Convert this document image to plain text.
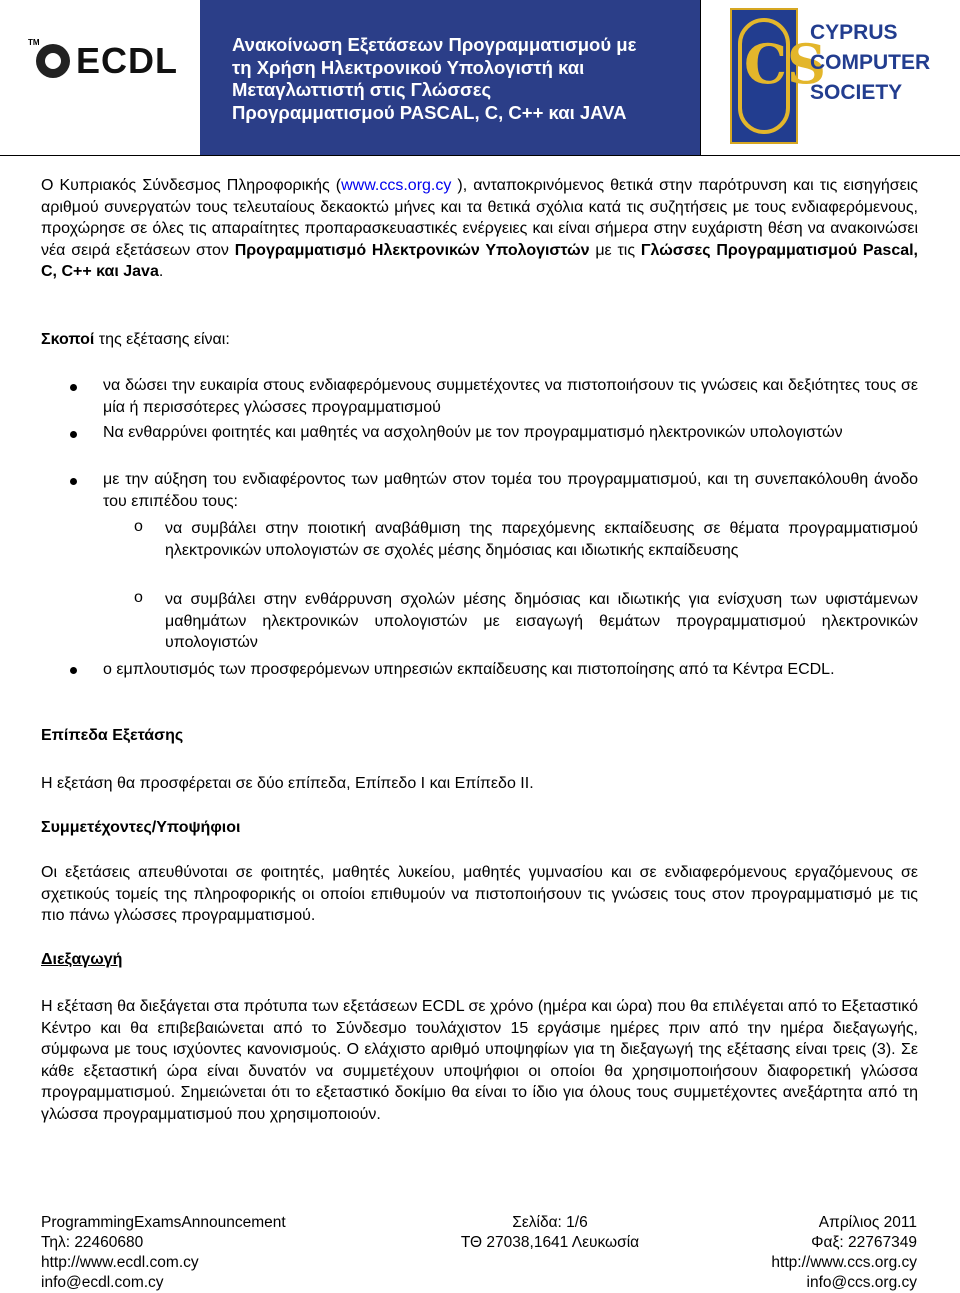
TM ECDL	Ανακοίνωση Εξετάσεων Προγραμματισμού με
τη Χρήση Ηλεκτρονικού Υπολογιστή και
Μεταγλωττιστή στις Γλώσσες
Προγραμματισμού PASCAL, C, C++ και JAVA
CS
CYPRUS
COMPUTER
SOCIETY
Ο Κυπριακός Σύνδεσμος Πληροφορικής (www.ccs.org.cy ), ανταποκρινόμενος θετικά στην παρότρυνση και τις εισηγήσεις αριθμού συνεργατών τους τελευταίους δεκαοκτώ μήνες και τα θετικά σχόλια κατά τις συζητήσεις με τους ενδιαφερόμενους, προχώρησε σε όλες τις απαραίτητες προπαρασκευαστικές ενέργειες και είναι σήμερα στην ευχάριστη θέση να ανακοινώσει νέα σειρά εξετάσεων στον Προγραμματισμό Ηλεκτρονικών Υπολογιστών με τις Γλώσσες Προγραμματισμού Pascal, C, C++ και Java.
Σκοποί της εξέτασης είναι:
να δώσει την ευκαιρία στους ενδιαφερόμενους συμμετέχοντες να πιστοποιήσουν τις γνώσεις και δεξιότητες τους σε μία ή περισσότερες γλώσσες προγραμματισμού
Να ενθαρρύνει φοιτητές και μαθητές να ασχοληθούν με τον προγραμματισμό ηλεκτρονικών υπολογιστών
με την αύξηση του ενδιαφέροντος των μαθητών στον τομέα του προγραμματισμού, και τη συνεπακόλουθη άνοδο του επιπέδου τους:
o να συμβάλει στην ποιοτική αναβάθμιση της παρεχόμενης εκπαίδευσης σε θέματα προγραμματισμού ηλεκτρονικών υπολογιστών σε σχολές μέσης δημόσιας και ιδιωτικής εκπαίδευσης
o να συμβάλει στην ενθάρρυνση σχολών μέσης δημόσιας και ιδιωτικής για ενίσχυση των υφιστάμενων μαθημάτων ηλεκτρονικών υπολογιστών με εισαγωγή θεμάτων προγραμματισμού ηλεκτρονικών υπολογιστών
ο εμπλουτισμός των προσφερόμενων υπηρεσιών εκπαίδευσης και πιστοποίησης από τα Κέντρα ECDL.
Επίπεδα Εξετάσης
Η εξετάση θα προσφέρεται σε δύο επίπεδα, Επίπεδο Ι και Επίπεδο ΙΙ.
Συμμετέχοντες/Υποψήφιοι
Οι εξετάσεις απευθύνοται σε φοιτητές, μαθητές λυκείου, μαθητές γυμνασίου και σε ενδιαφερόμενους εργαζόμενους σε σχετικούς τομείς της πληροφορικής οι οποίοι επιθυμούν να πιστοποιήσουν τις γνώσεις τους στον προγραμματισμό με τις πιο πάνω γλώσσες προγραμματισμού.
Διεξαγωγή
Η εξέταση θα διεξάγεται στα πρότυπα των εξετάσεων ECDL σε χρόνο (ημέρα και ώρα) που θα επιλέγεται από το Εξεταστικό Κέντρο και θα επιβεβαιώνεται από το Σύνδεσμο τουλάχιστον 15 εργάσιμε ημέρες πριν από την ημέρα διεξαγωγής, σύμφωνα με τους ισχύοντες κανονισμούς. Ο ελάχιστο αριθμό υποψηφίων για τη διεξαγωγή της εξέτασης είναι τρεις (3). Σε κάθε εξεταστική ώρα είναι δυνατόν να συμμετέχουν υποψήφιοι οι οποίοι θα χρησιμοποιήσουν διαφορετική γλώσσα προγραμματισμού. Σημειώνεται ότι το εξεταστικό δοκίμιο θα είναι το ίδιο για όλους τους συμμετέχοντες ανεξάρτητα από τη γλώσσα προγραμματισμού που χρησιμοποιούν.
ProgrammingExamsAnnouncement
Τηλ: 22460680
http://www.ecdl.com.cy
info@ecdl.com.cy
Σελίδα: 1/6
ΤΘ 27038,1641 Λευκωσία
Απρίλιος 2011
Φαξ: 22767349
http://www.ccs.org.cy
info@ccs.org.cy
